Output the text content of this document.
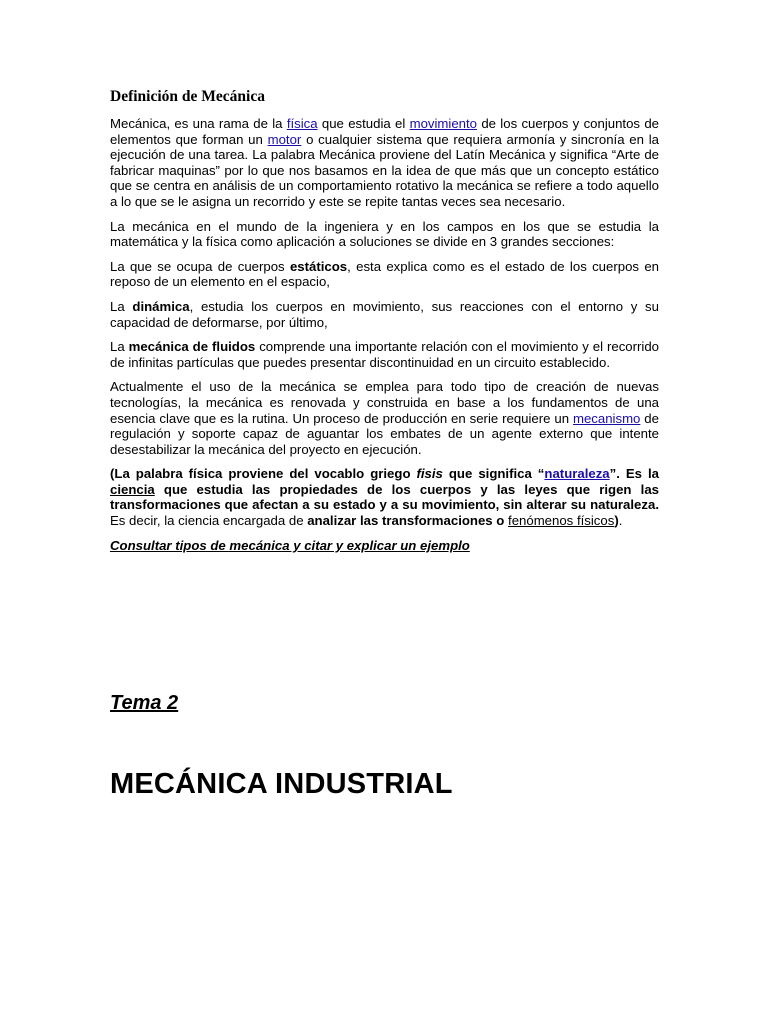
Definición de Mecánica

Mecánica, es una rama de la física que estudia el movimiento de los cuerpos y conjuntos de elementos que forman un motor o cualquier sistema que requiera armonía y sincronía en la ejecución de una tarea. La palabra Mecánica proviene del Latín Mecánica y significa “Arte de fabricar maquinas” por lo que nos basamos en la idea de que más que un concepto estático que se centra en análisis de un comportamiento rotativo la mecánica se refiere a todo aquello a lo que se le asigna un recorrido y este se repite tantas veces sea necesario.

La mecánica en el mundo de la ingeniera y en los campos en los que se estudia la matemática y la física como aplicación a soluciones se divide en 3 grandes secciones:

La que se ocupa de cuerpos estáticos, esta explica como es el estado de los cuerpos en reposo de un elemento en el espacio,

La dinámica, estudia los cuerpos en movimiento, sus reacciones con el entorno y su capacidad de deformarse, por último,

La mecánica de fluidos comprende una importante relación con el movimiento y el recorrido de infinitas partículas que puedes presentar discontinuidad en un circuito establecido.

Actualmente el uso de la mecánica se emplea para todo tipo de creación de nuevas tecnologías, la mecánica es renovada y construida en base a los fundamentos de una esencia clave que es la rutina. Un proceso de producción en serie requiere un mecanismo de regulación y soporte capaz de aguantar los embates de un agente externo que intente desestabilizar la mecánica del proyecto en ejecución.

(La palabra física proviene del vocablo griego fisis que significa “naturaleza”. Es la ciencia que estudia las propiedades de los cuerpos y las leyes que rigen las transformaciones que afectan a su estado y a su movimiento, sin alterar su naturaleza. Es decir, la ciencia encargada de analizar las transformaciones o fenómenos físicos).

Consultar tipos de mecánica y citar y explicar un ejemplo

Tema 2
MECÁNICA INDUSTRIAL
